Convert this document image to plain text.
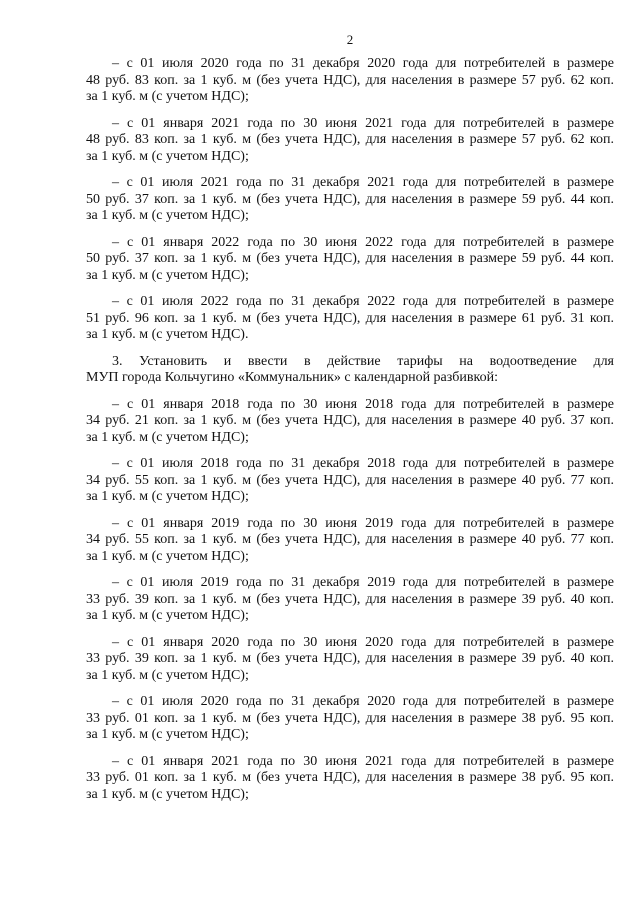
2
– с 01 июля 2020 года по 31 декабря 2020 года для потребителей в размере
48 руб. 83 коп. за 1 куб. м (без учета НДС), для населения в размере 57 руб. 62 коп.
за 1 куб. м (с учетом НДС);
– с 01 января 2021 года по 30 июня 2021 года для потребителей в размере
48 руб. 83 коп. за 1 куб. м (без учета НДС), для населения в размере 57 руб. 62 коп.
за 1 куб. м (с учетом НДС);
– с 01 июля 2021 года по 31 декабря 2021 года для потребителей в размере
50 руб. 37 коп. за 1 куб. м (без учета НДС), для населения в размере 59 руб. 44 коп.
за 1 куб. м (с учетом НДС);
– с 01 января 2022 года по 30 июня 2022 года для потребителей в размере
50 руб. 37 коп. за 1 куб. м (без учета НДС), для населения в размере 59 руб. 44 коп.
за 1 куб. м (с учетом НДС);
– с 01 июля 2022 года по 31 декабря 2022 года для потребителей в размере
51 руб. 96 коп. за 1 куб. м (без учета НДС), для населения в размере 61 руб. 31 коп.
за 1 куб. м (с учетом НДС).
3. Установить и ввести в действие тарифы на водоотведение для
МУП города Кольчугино «Коммунальник» с календарной разбивкой:
– с 01 января 2018 года по 30 июня 2018 года для потребителей в размере
34 руб. 21 коп. за 1 куб. м (без учета НДС), для населения в размере 40 руб. 37 коп.
за 1 куб. м (с учетом НДС);
– с 01 июля 2018 года по 31 декабря 2018 года для потребителей в размере
34 руб. 55 коп. за 1 куб. м (без учета НДС), для населения в размере 40 руб. 77 коп.
за 1 куб. м (с учетом НДС);
– с 01 января 2019 года по 30 июня 2019 года для потребителей в размере
34 руб. 55 коп. за 1 куб. м (без учета НДС), для населения в размере 40 руб. 77 коп.
за 1 куб. м (с учетом НДС);
– с 01 июля 2019 года по 31 декабря 2019 года для потребителей в размере
33 руб. 39 коп. за 1 куб. м (без учета НДС), для населения в размере 39 руб. 40 коп.
за 1 куб. м (с учетом НДС);
– с 01 января 2020 года по 30 июня 2020 года для потребителей в размере
33 руб. 39 коп. за 1 куб. м (без учета НДС), для населения в размере 39 руб. 40 коп.
за 1 куб. м (с учетом НДС);
– с 01 июля 2020 года по 31 декабря 2020 года для потребителей в размере
33 руб. 01 коп. за 1 куб. м (без учета НДС), для населения в размере 38 руб. 95 коп.
за 1 куб. м (с учетом НДС);
– с 01 января 2021 года по 30 июня 2021 года для потребителей в размере
33 руб. 01 коп. за 1 куб. м (без учета НДС), для населения в размере 38 руб. 95 коп.
за 1 куб. м (с учетом НДС);
